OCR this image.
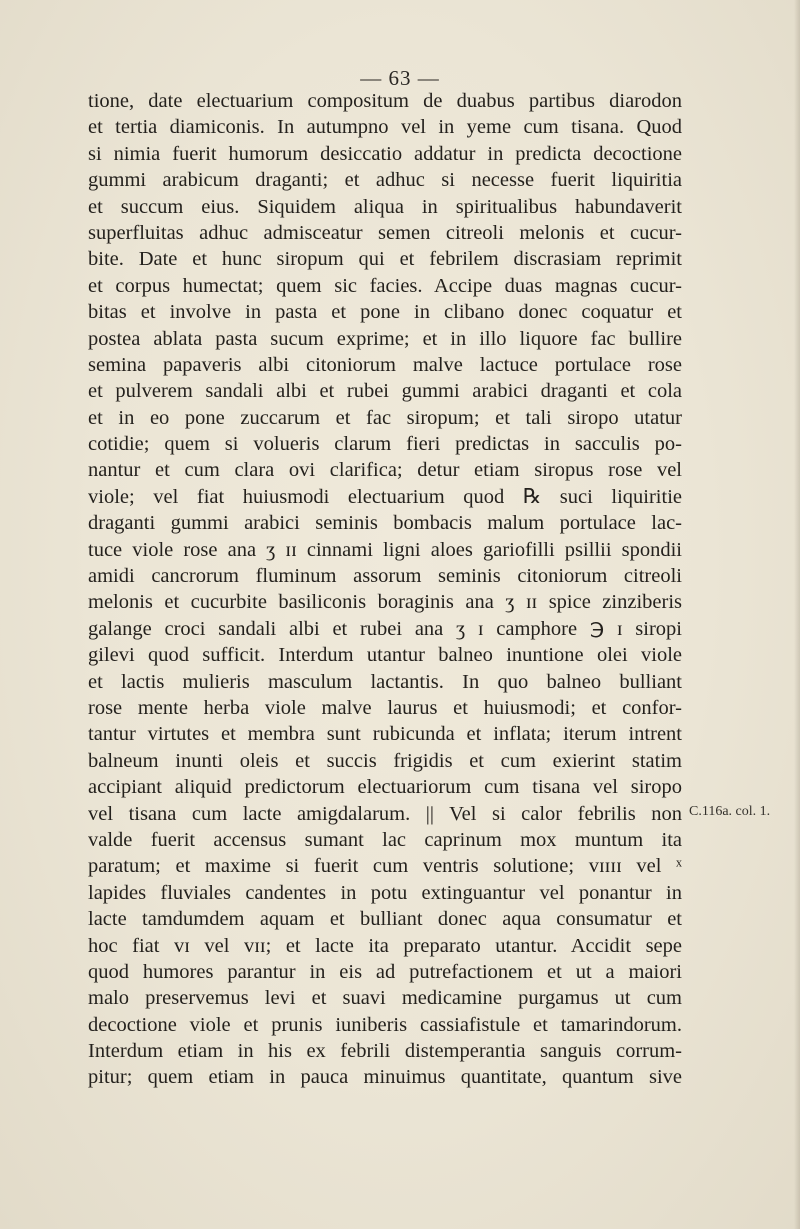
— 63 —
tione, date electuarium compositum de duabus partibus diarodon
et tertia diamiconis. In autumpno vel in yeme cum tisana. Quod
si nimia fuerit humorum desiccatio addatur in predicta decoctione
gummi arabicum draganti; et adhuc si necesse fuerit liquiritia
et succum eius. Siquidem aliqua in spiritualibus habundaverit
superfluitas adhuc admisceatur semen citreoli melonis et cucur-
bite. Date et hunc siropum qui et febrilem discrasiam reprimit
et corpus humectat; quem sic facies. Accipe duas magnas cucur-
bitas et involve in pasta et pone in clibano donec coquatur et
postea ablata pasta sucum exprime; et in illo liquore fac bullire
semina papaveris albi citoniorum malve lactuce portulace rose
et pulverem sandali albi et rubei gummi arabici draganti et cola
et in eo pone zuccarum et fac siropum; et tali siropo utatur
cotidie; quem si volueris clarum fieri predictas in sacculis po-
nantur et cum clara ovi clarifica; detur etiam siropus rose vel
viole; vel fiat huiusmodi electuarium quod ℞ suci liquiritie
draganti gummi arabici seminis bombacis malum portulace lac-
tuce viole rose ana ʒ ɪɪ cinnami ligni aloes gariofilli psillii spondii
amidi cancrorum fluminum assorum seminis citoniorum citreoli
melonis et cucurbite basiliconis boraginis ana ʒ ɪɪ spice zinziberis
galange croci sandali albi et rubei ana ʒ ɪ camphore ℈ ɪ siropi
gilevi quod sufficit. Interdum utantur balneo inuntione olei viole
et lactis mulieris masculum lactantis. In quo balneo bulliant
rose mente herba viole malve laurus et huiusmodi; et confor-
tantur virtutes et membra sunt rubicunda et inflata; iterum intrent
balneum inunti oleis et succis frigidis et cum exierint statim
accipiant aliquid predictorum electuariorum cum tisana vel siropo
vel tisana cum lacte amigdalarum. || Vel si calor febrilis non
valde fuerit accensus sumant lac caprinum mox muntum ita
paratum; et maxime si fuerit cum ventris solutione; ᴠɪɪɪɪ vel ˣ
lapides fluviales candentes in potu extinguantur vel ponantur in
lacte tamdumdem aquam et bulliant donec aqua consumatur et
hoc fiat ᴠɪ vel ᴠɪɪ; et lacte ita preparato utantur. Accidit sepe
quod humores parantur in eis ad putrefactionem et ut a maiori
malo preservemus levi et suavi medicamine purgamus ut cum
decoctione viole et prunis iuniberis cassiafistule et tamarindorum.
Interdum etiam in his ex febrili distemperantia sanguis corrum-
pitur; quem etiam in pauca minuimus quantitate, quantum sive
C.116a. col. 1.
